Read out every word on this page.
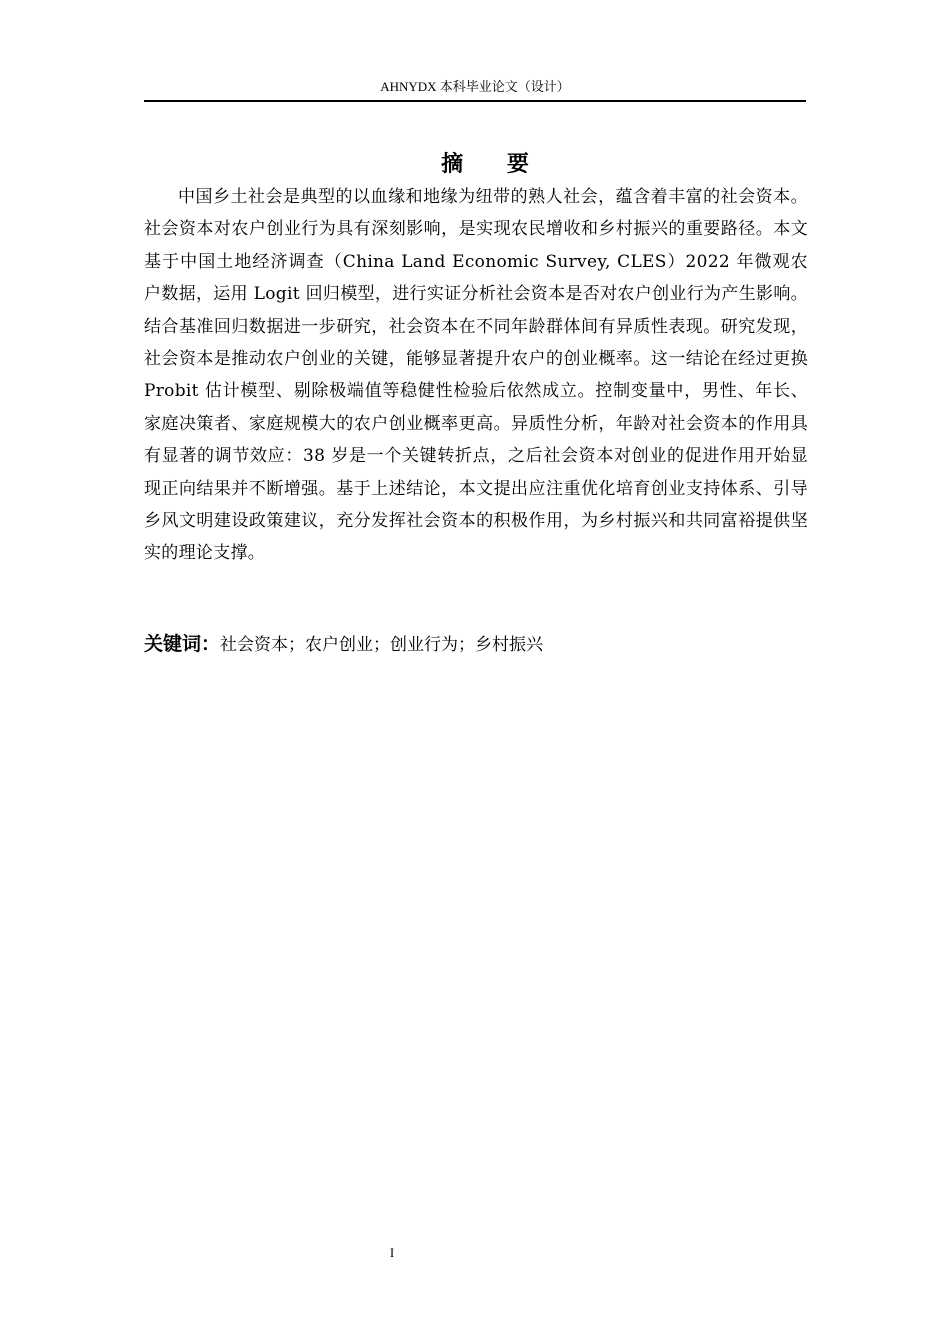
AHNYDX 本科毕业论文（设计）
摘 要

中国乡土社会是典型的以血缘和地缘为纽带的熟人社会，蕴含着丰富的社会资本。社会资本对农户创业行为具有深刻影响，是实现农民增收和乡村振兴的重要路径。本文基于中国土地经济调查（China Land Economic Survey, CLES）2022 年微观农户数据，运用 Logit 回归模型，进行实证分析社会资本是否对农户创业行为产生影响。结合基准回归数据进一步研究，社会资本在不同年龄群体间有异质性表现。研究发现，社会资本是推动农户创业的关键，能够显著提升农户的创业概率。这一结论在经过更换 Probit 估计模型、剔除极端值等稳健性检验后依然成立。控制变量中，男性、年长、家庭决策者、家庭规模大的农户创业概率更高。异质性分析，年龄对社会资本的作用具有显著的调节效应：38 岁是一个关键转折点，之后社会资本对创业的促进作用开始显现正向结果并不断增强。基于上述结论，本文提出应注重优化培育创业支持体系、引导乡风文明建设政策建议，充分发挥社会资本的积极作用，为乡村振兴和共同富裕提供坚实的理论支撑。

关键词：社会资本；农户创业；创业行为；乡村振兴
I
